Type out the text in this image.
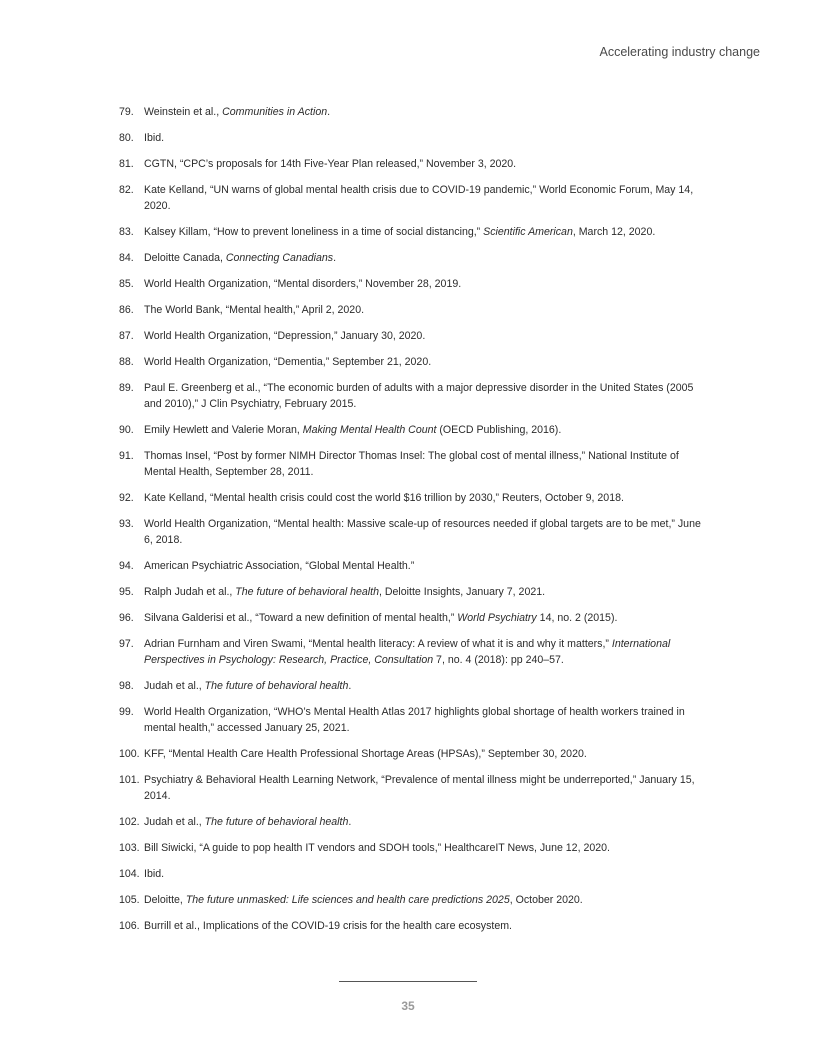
Accelerating industry change
79. Weinstein et al., Communities in Action.
80. Ibid.
81. CGTN, “CPC’s proposals for 14th Five-Year Plan released,” November 3, 2020.
82. Kate Kelland, “UN warns of global mental health crisis due to COVID-19 pandemic,” World Economic Forum, May 14, 2020.
83. Kalsey Killam, “How to prevent loneliness in a time of social distancing,” Scientific American, March 12, 2020.
84. Deloitte Canada, Connecting Canadians.
85. World Health Organization, “Mental disorders,” November 28, 2019.
86. The World Bank, “Mental health,” April 2, 2020.
87. World Health Organization, “Depression,” January 30, 2020.
88. World Health Organization, “Dementia,” September 21, 2020.
89. Paul E. Greenberg et al., “The economic burden of adults with a major depressive disorder in the United States (2005 and 2010),” J Clin Psychiatry, February 2015.
90. Emily Hewlett and Valerie Moran, Making Mental Health Count (OECD Publishing, 2016).
91. Thomas Insel, “Post by former NIMH Director Thomas Insel: The global cost of mental illness,” National Institute of Mental Health, September 28, 2011.
92. Kate Kelland, “Mental health crisis could cost the world $16 trillion by 2030,” Reuters, October 9, 2018.
93. World Health Organization, “Mental health: Massive scale-up of resources needed if global targets are to be met,” June 6, 2018.
94. American Psychiatric Association, “Global Mental Health.”
95. Ralph Judah et al., The future of behavioral health, Deloitte Insights, January 7, 2021.
96. Silvana Galderisi et al., “Toward a new definition of mental health,” World Psychiatry 14, no. 2 (2015).
97. Adrian Furnham and Viren Swami, “Mental health literacy: A review of what it is and why it matters,” International Perspectives in Psychology: Research, Practice, Consultation 7, no. 4 (2018): pp 240–57.
98. Judah et al., The future of behavioral health.
99. World Health Organization, “WHO’s Mental Health Atlas 2017 highlights global shortage of health workers trained in mental health,” accessed January 25, 2021.
100. KFF, “Mental Health Care Health Professional Shortage Areas (HPSAs),” September 30, 2020.
101. Psychiatry & Behavioral Health Learning Network, “Prevalence of mental illness might be underreported,” January 15, 2014.
102. Judah et al., The future of behavioral health.
103. Bill Siwicki, “A guide to pop health IT vendors and SDOH tools,” HealthcareIT News, June 12, 2020.
104. Ibid.
105. Deloitte, The future unmasked: Life sciences and health care predictions 2025, October 2020.
106. Burrill et al., Implications of the COVID-19 crisis for the health care ecosystem.
35
